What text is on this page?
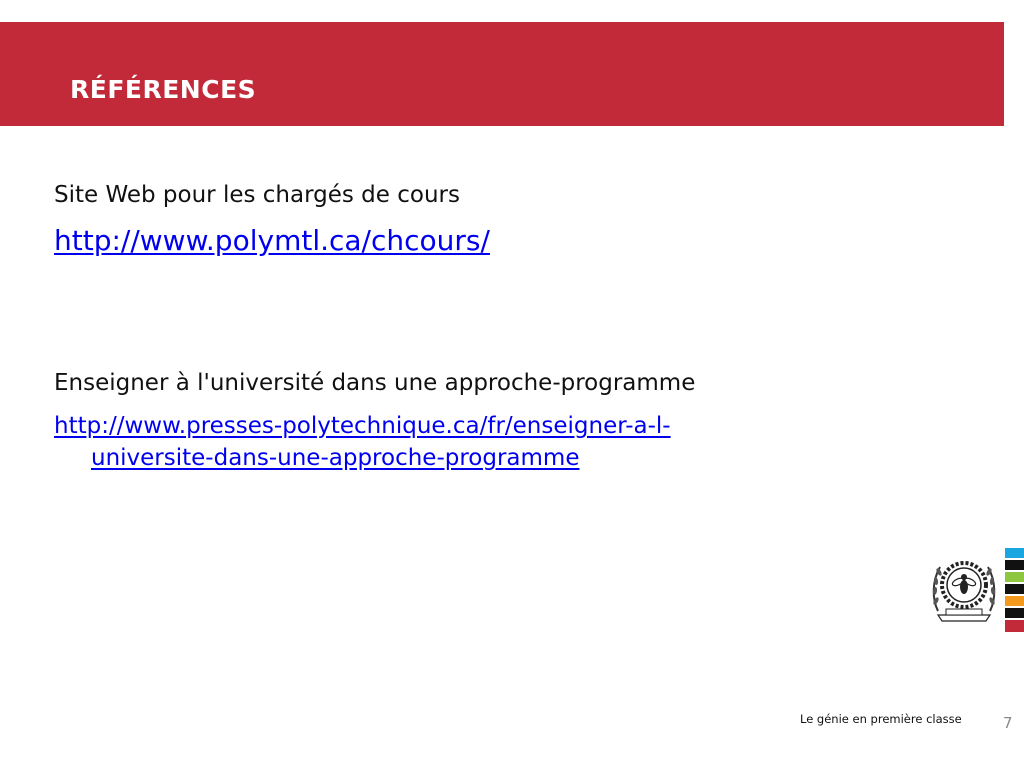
RÉFÉRENCES

Site Web pour les chargés de cours

http://www.polymtl.ca/chcours/

Enseigner à l'université dans une approche-programme

http://www.presses-polytechnique.ca/fr/enseigner-a-l-
universite-dans-une-approche-programme

Le génie en première classe	7
